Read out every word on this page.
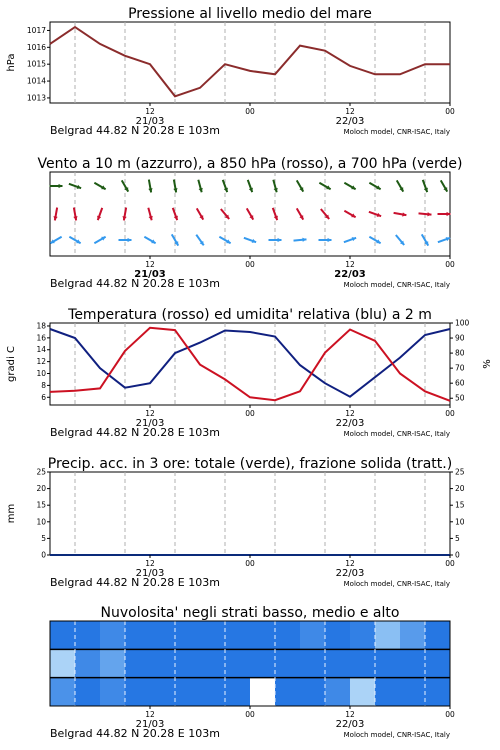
Pressione al livello medio del mare
1013
1014
1015
1016
1017
hPa
12	00	12	00
21/03	22/03
Belgrad 44.82 N 20.28 E 103m	Moloch model, CNR-ISAC, Italy
Vento a 10 m (azzurro), a 850 hPa (rosso), a 700 hPa (verde)
12	00	12	00
21/03	22/03
Belgrad 44.82 N 20.28 E 103m	Moloch model, CNR-ISAC, Italy
Temperatura (rosso) ed umidita' relativa (blu) a 2 m
6
8
10
12
14
16
18
gradi C
50
60
70
80
90
100
%
12	00	12	00
21/03	22/03
Belgrad 44.82 N 20.28 E 103m	Moloch model, CNR-ISAC, Italy
Precip. acc. in 3 ore: totale (verde), frazione solida (tratt.)
0
5
10
15
20
25
mm
0
5
10
15
20
25
12	00	12	00
21/03	22/03
Belgrad 44.82 N 20.28 E 103m	Moloch model, CNR-ISAC, Italy
Nuvolosita' negli strati basso, medio e alto
12	00	12	00
21/03	22/03
Belgrad 44.82 N 20.28 E 103m	Moloch model, CNR-ISAC, Italy
